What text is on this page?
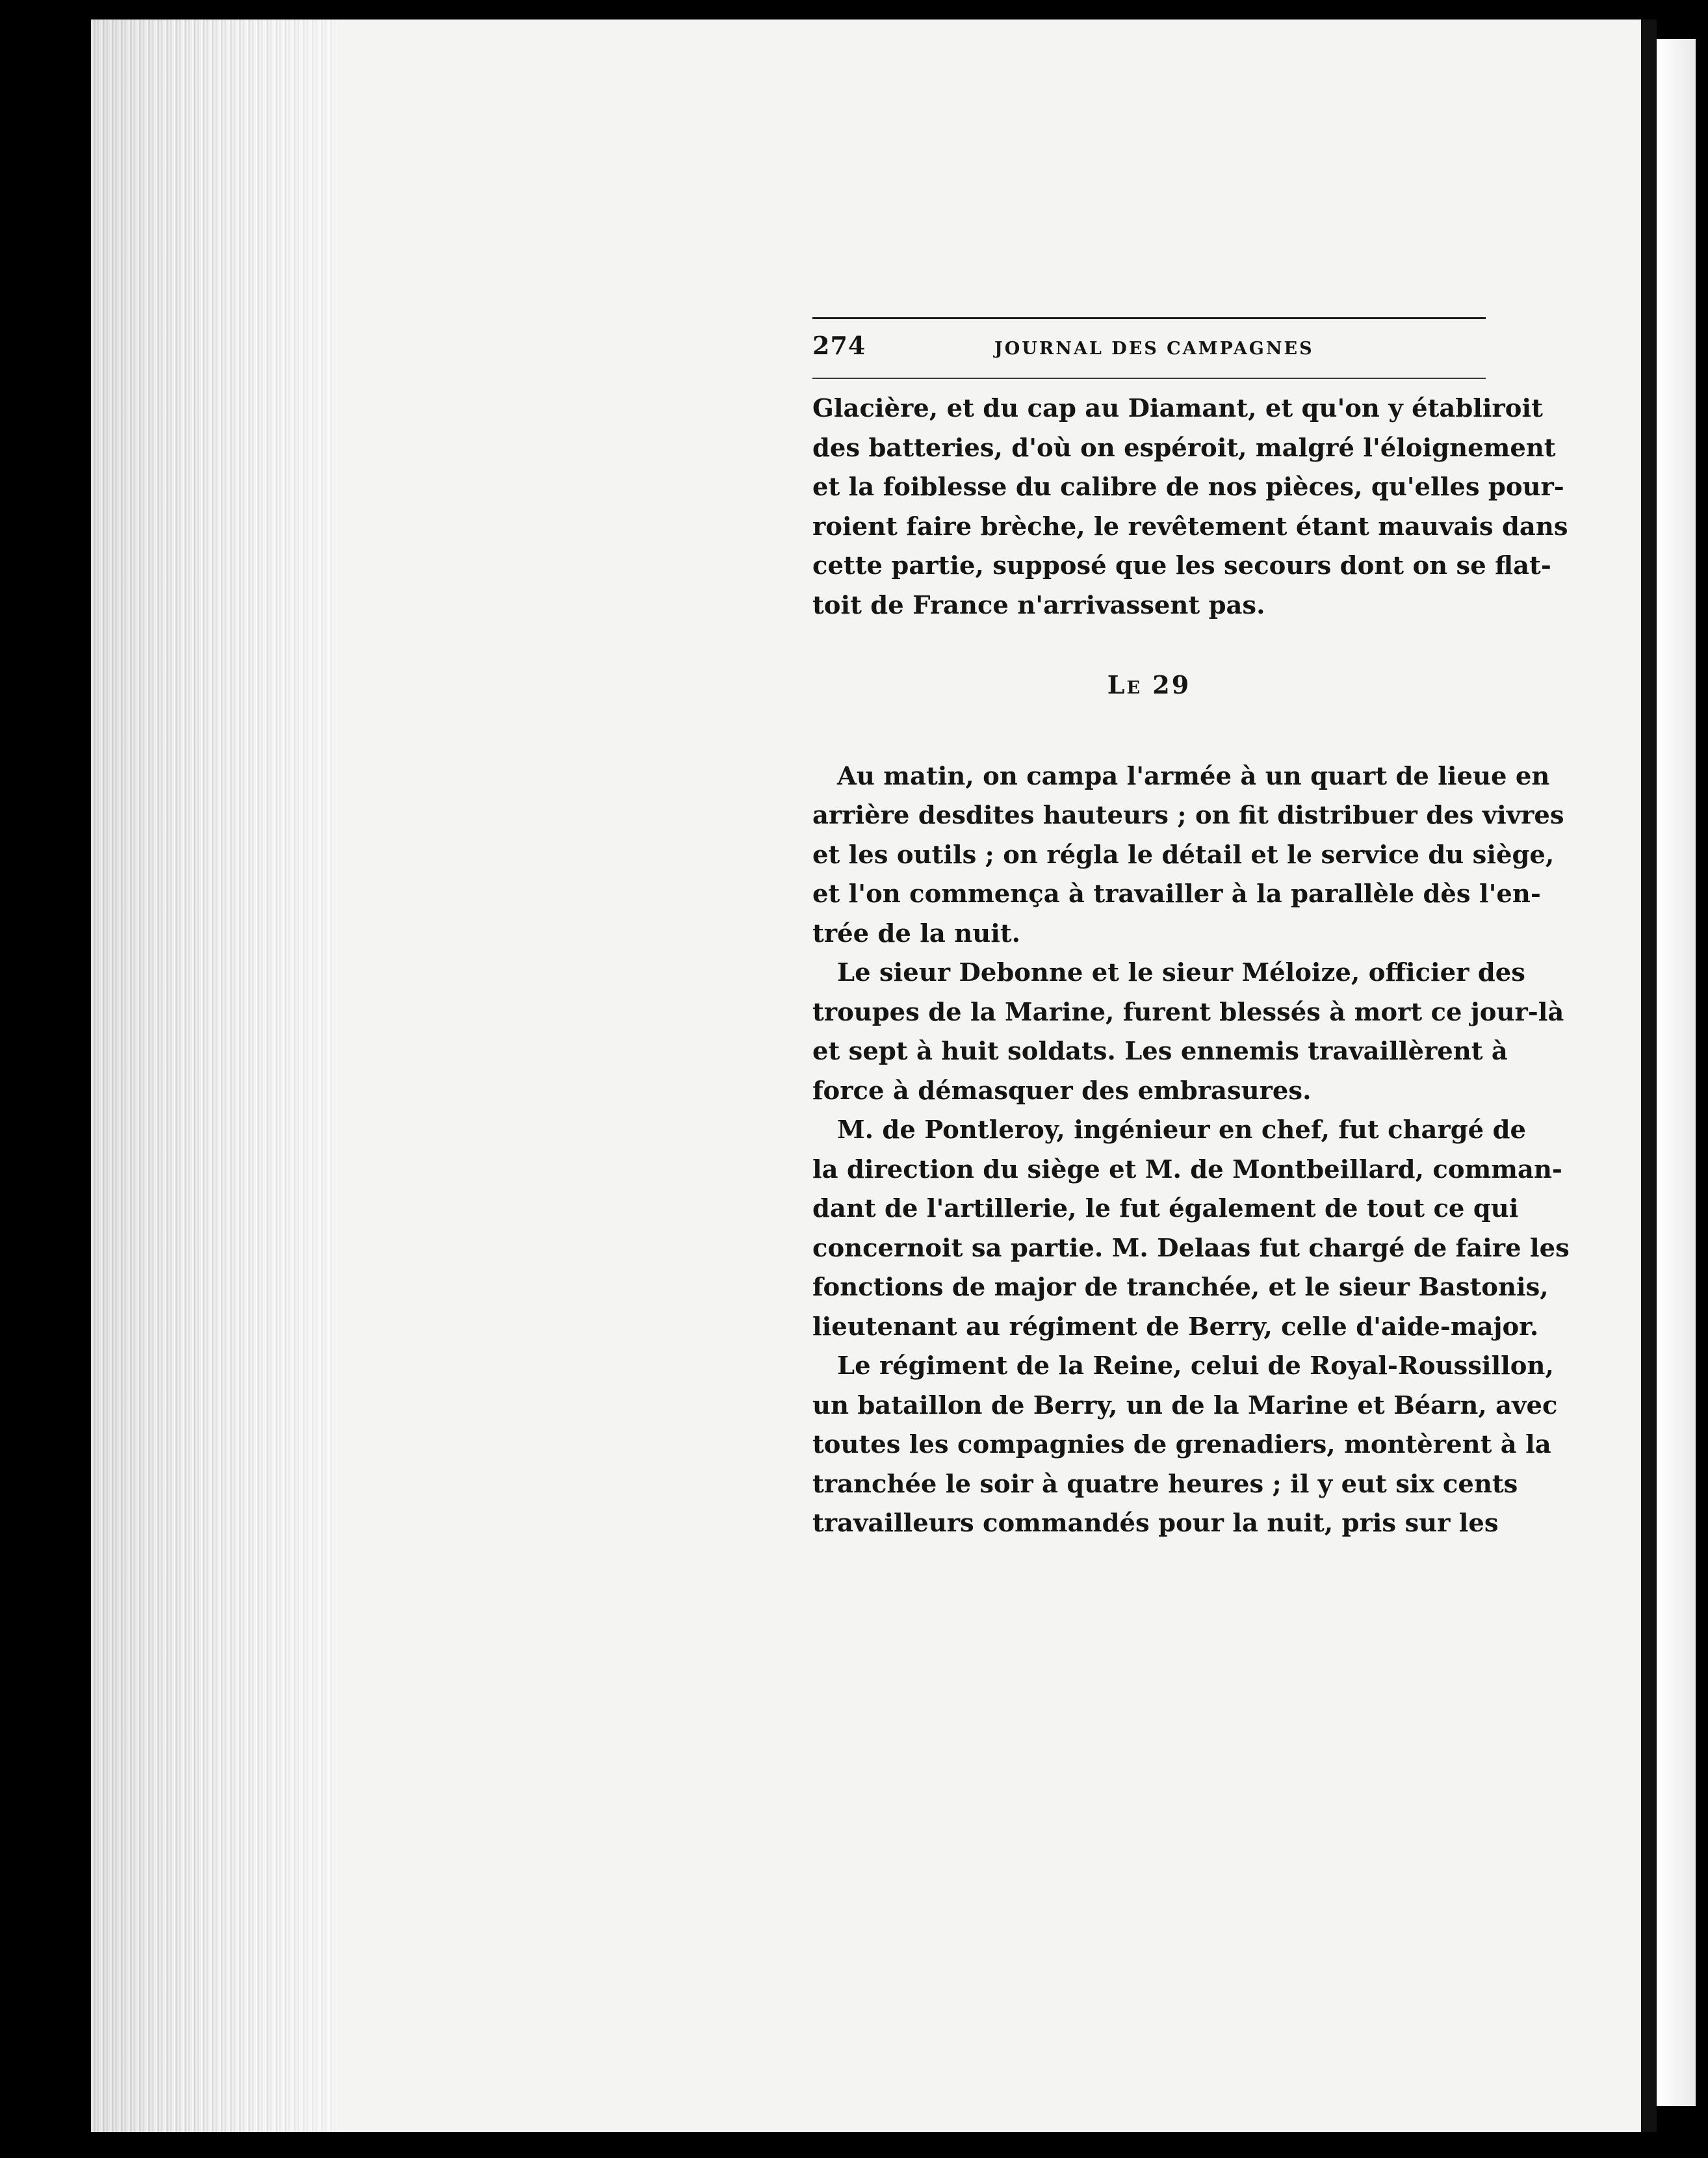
274	JOURNAL DES CAMPAGNES
Glacière, et du cap au Diamant, et qu'on y établiroit
des batteries, d'où on espéroit, malgré l'éloignement
et la foiblesse du calibre de nos pièces, qu'elles pour-
roient faire brèche, le revêtement étant mauvais dans
cette partie, supposé que les secours dont on se flat-
toit de France n'arrivassent pas.
Le 29
Au matin, on campa l'armée à un quart de lieue en
arrière desdites hauteurs ; on fit distribuer des vivres
et les outils ; on régla le détail et le service du siège,
et l'on commença à travailler à la parallèle dès l'en-
trée de la nuit.
Le sieur Debonne et le sieur Méloize, officier des
troupes de la Marine, furent blessés à mort ce jour-là
et sept à huit soldats. Les ennemis travaillèrent à
force à démasquer des embrasures.
M. de Pontleroy, ingénieur en chef, fut chargé de
la direction du siège et M. de Montbeillard, comman-
dant de l'artillerie, le fut également de tout ce qui
concernoit sa partie. M. Delaas fut chargé de faire les
fonctions de major de tranchée, et le sieur Bastonis,
lieutenant au régiment de Berry, celle d'aide-major.
Le régiment de la Reine, celui de Royal-Roussillon,
un bataillon de Berry, un de la Marine et Béarn, avec
toutes les compagnies de grenadiers, montèrent à la
tranchée le soir à quatre heures ; il y eut six cents
travailleurs commandés pour la nuit, pris sur les
